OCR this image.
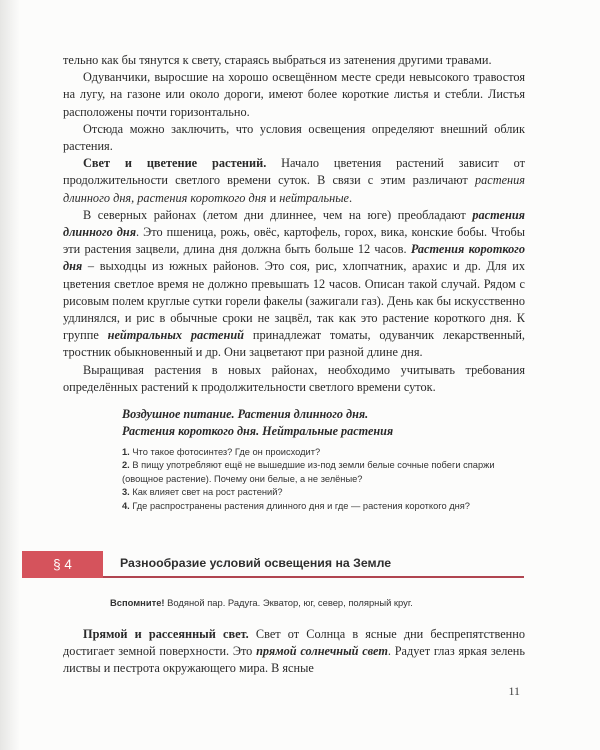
тельно как бы тянутся к свету, стараясь выбраться из затенения другими травами.

Одуванчики, выросшие на хорошо освещённом месте среди невысокого травостоя на лугу, на газоне или около дороги, имеют более короткие листья и стебли. Листья расположены почти горизонтально.

Отсюда можно заключить, что условия освещения определяют внешний облик растения.

Свет и цветение растений. Начало цветения растений зависит от продолжительности светлого времени суток. В связи с этим различают растения длинного дня, растения короткого дня и нейтральные.

В северных районах (летом дни длиннее, чем на юге) преобладают растения длинного дня. Это пшеница, рожь, овёс, картофель, горох, вика, конские бобы. Чтобы эти растения зацвели, длина дня должна быть больше 12 часов. Растения короткого дня – выходцы из южных районов. Это соя, рис, хлопчатник, арахис и др. Для их цветения светлое время не должно превышать 12 часов. Описан такой случай. Рядом с рисовым полем круглые сутки горели факелы (зажигали газ). День как бы искусственно удлинялся, и рис в обычные сроки не зацвёл, так как это растение короткого дня. К группе нейтральных растений принадлежат томаты, одуванчик лекарственный, тростник обыкновенный и др. Они зацветают при разной длине дня.

Выращивая растения в новых районах, необходимо учитывать требования определённых растений к продолжительности светлого времени суток.

Воздушное питание. Растения длинного дня.
Растения короткого дня. Нейтральные растения

1. Что такое фотосинтез? Где он происходит?

2. В пищу употребляют ещё не вышедшие из-под земли белые сочные побеги спаржи (овощное растение). Почему они белые, а не зелёные?

3. Как влияет свет на рост растений?

4. Где распространены растения длинного дня и где — растения короткого дня?

§ 4	Разнообразие условий освещения на Земле
Вспомните! Водяной пар. Радуга. Экватор, юг, север, полярный круг.

Прямой и рассеянный свет. Свет от Солнца в ясные дни беспрепятственно достигает земной поверхности. Это прямой солнечный свет. Радует глаз яркая зелень листвы и пестрота окружающего мира. В ясные

11
